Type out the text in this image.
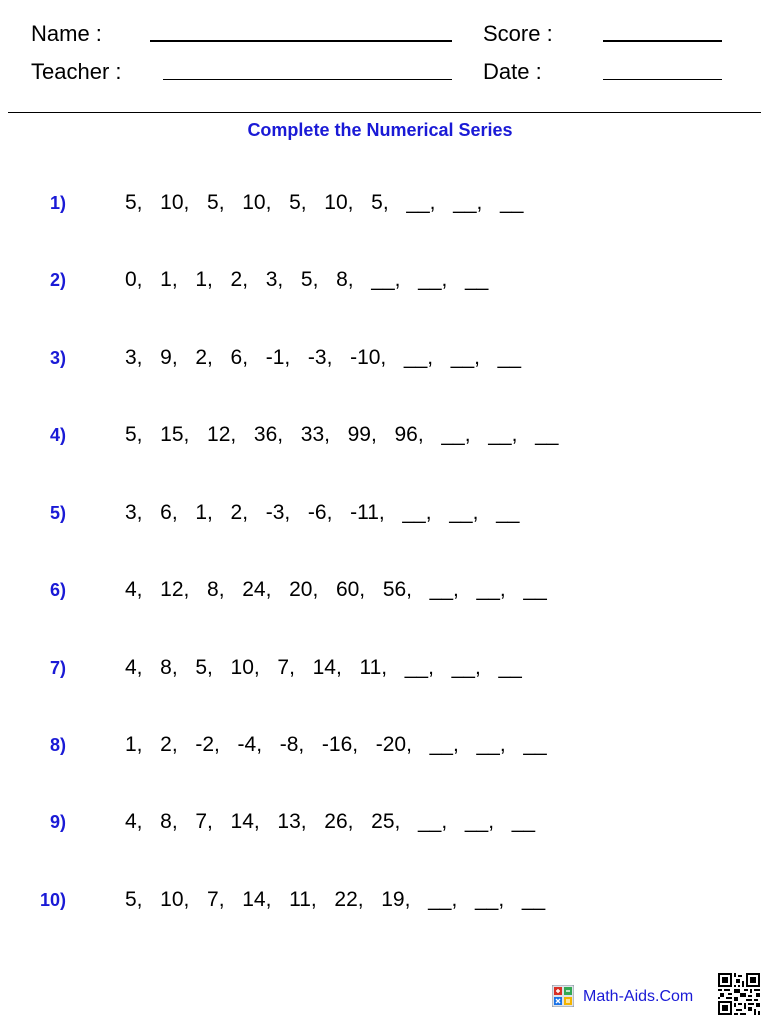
Name :
Teacher :
Score :
Date :
Complete the Numerical Series
1)	5,  10,  5,  10,  5,  10,  5,  __,  __,  __
2)	0,  1,  1,  2,  3,  5,  8,  __,  __,  __
3)	3,  9,  2,  6,  -1,  -3,  -10,  __,  __,  __
4)	5,  15,  12,  36,  33,  99,  96,  __,  __,  __
5)	3,  6,  1,  2,  -3,  -6,  -11,  __,  __,  __
6)	4,  12,  8,  24,  20,  60,  56,  __,  __,  __
7)	4,  8,  5,  10,  7,  14,  11,  __,  __,  __
8)	1,  2,  -2,  -4,  -8,  -16,  -20,  __,  __,  __
9)	4,  8,  7,  14,  13,  26,  25,  __,  __,  __
10)	5,  10,  7,  14,  11,  22,  19,  __,  __,  __
Math-Aids.Com
